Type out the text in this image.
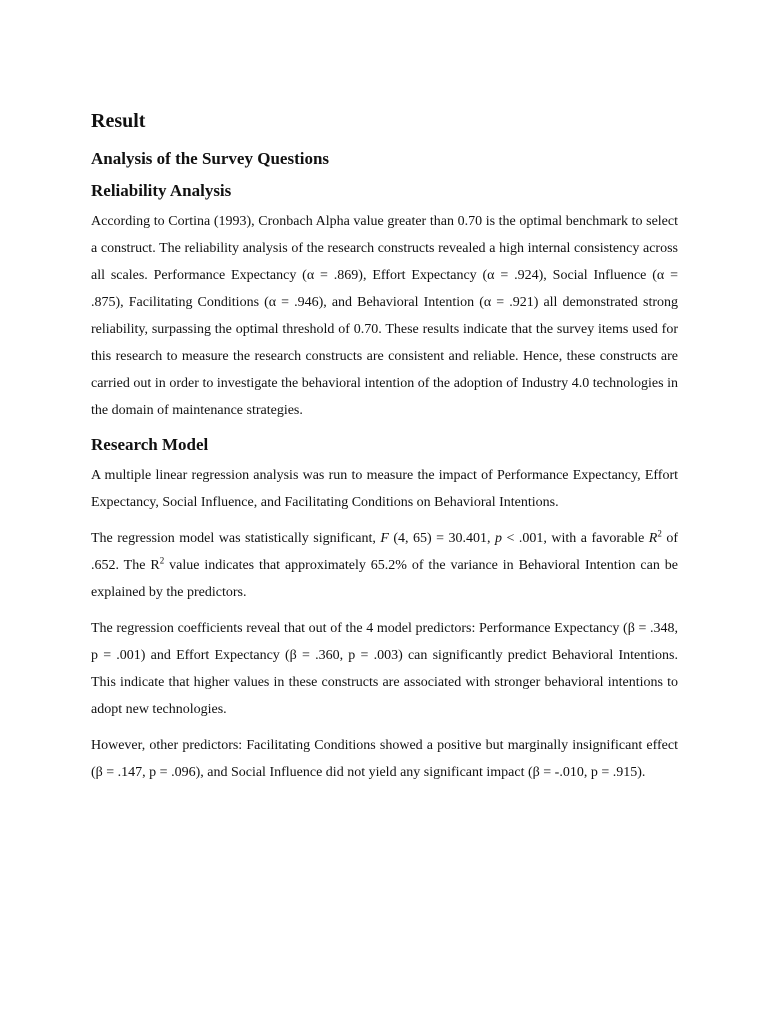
Result
Analysis of the Survey Questions
Reliability Analysis

According to Cortina (1993), Cronbach Alpha value greater than 0.70 is the optimal benchmark to select a construct. The reliability analysis of the research constructs revealed a high internal consistency across all scales. Performance Expectancy (α = .869), Effort Expectancy (α = .924), Social Influence (α = .875), Facilitating Conditions (α = .946), and Behavioral Intention (α = .921) all demonstrated strong reliability, surpassing the optimal threshold of 0.70. These results indicate that the survey items used for this research to measure the research constructs are consistent and reliable. Hence, these constructs are carried out in order to investigate the behavioral intention of the adoption of Industry 4.0 technologies in the domain of maintenance strategies.

Research Model

A multiple linear regression analysis was run to measure the impact of Performance Expectancy, Effort Expectancy, Social Influence, and Facilitating Conditions on Behavioral Intentions.

The regression model was statistically significant, F (4, 65) = 30.401, p < .001, with a favorable $R^2$ of .652. The $R^2$ value indicates that approximately 65.2% of the variance in Behavioral Intention can be explained by the predictors.

The regression coefficients reveal that out of the 4 model predictors: Performance Expectancy (β = .348, p = .001) and Effort Expectancy (β = .360, p = .003) can significantly predict Behavioral Intentions. This indicate that higher values in these constructs are associated with stronger behavioral intentions to adopt new technologies.

However, other predictors: Facilitating Conditions showed a positive but marginally insignificant effect (β = .147, p = .096), and Social Influence did not yield any significant impact (β = -.010, p = .915).
